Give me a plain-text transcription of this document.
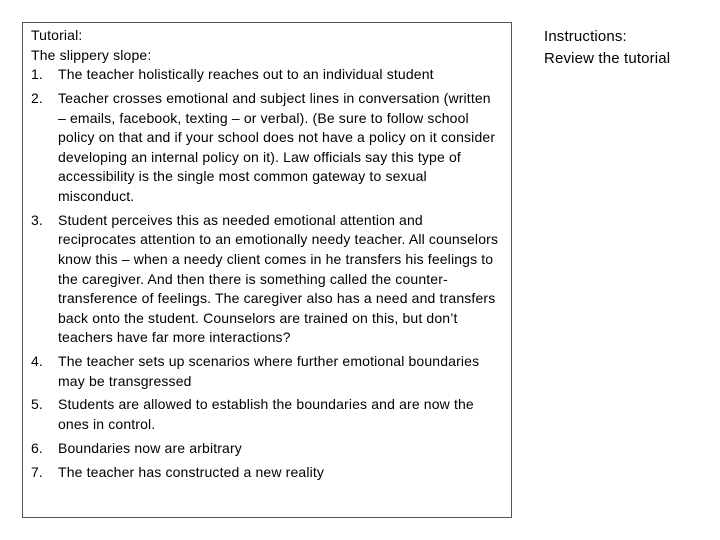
Tutorial:

The slippery slope:

1. The teacher holistically reaches out to an individual student
2. Teacher crosses emotional and subject lines in conversation (written – emails, facebook, texting – or verbal). (Be sure to follow school policy on that and if your school does not have a policy on it consider developing an internal policy on it). Law officials say this type of accessibility is the single most common gateway to sexual misconduct.
3. Student perceives this as needed emotional attention and reciprocates attention to an emotionally needy teacher. All counselors know this – when a needy client comes in he transfers his feelings to the caregiver. And then there is something called the counter-transference of feelings. The caregiver also has a need and transfers back onto the student. Counselors are trained on this, but don’t teachers have far more interactions?
4. The teacher sets up scenarios where further emotional boundaries may be transgressed
5. Students are allowed to establish the boundaries and are now the ones in control.
6. Boundaries now are arbitrary
7. The teacher has constructed a new reality

Instructions:

Review the tutorial
